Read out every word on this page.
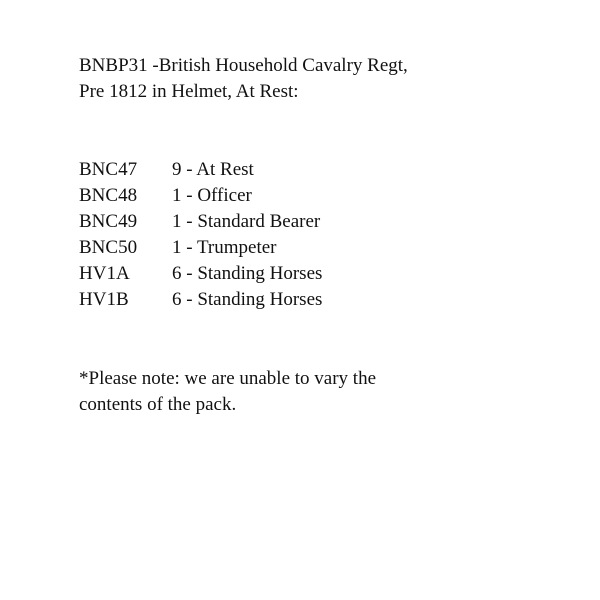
BNBP31 -British Household Cavalry Regt,
Pre 1812 in Helmet, At Rest:
BNC47	9 - At Rest
BNC48	1 - Officer
BNC49	1 - Standard Bearer
BNC50	1 - Trumpeter
HV1A	6 - Standing Horses
HV1B	6 - Standing Horses

*Please note: we are unable to vary the
contents of the pack.
